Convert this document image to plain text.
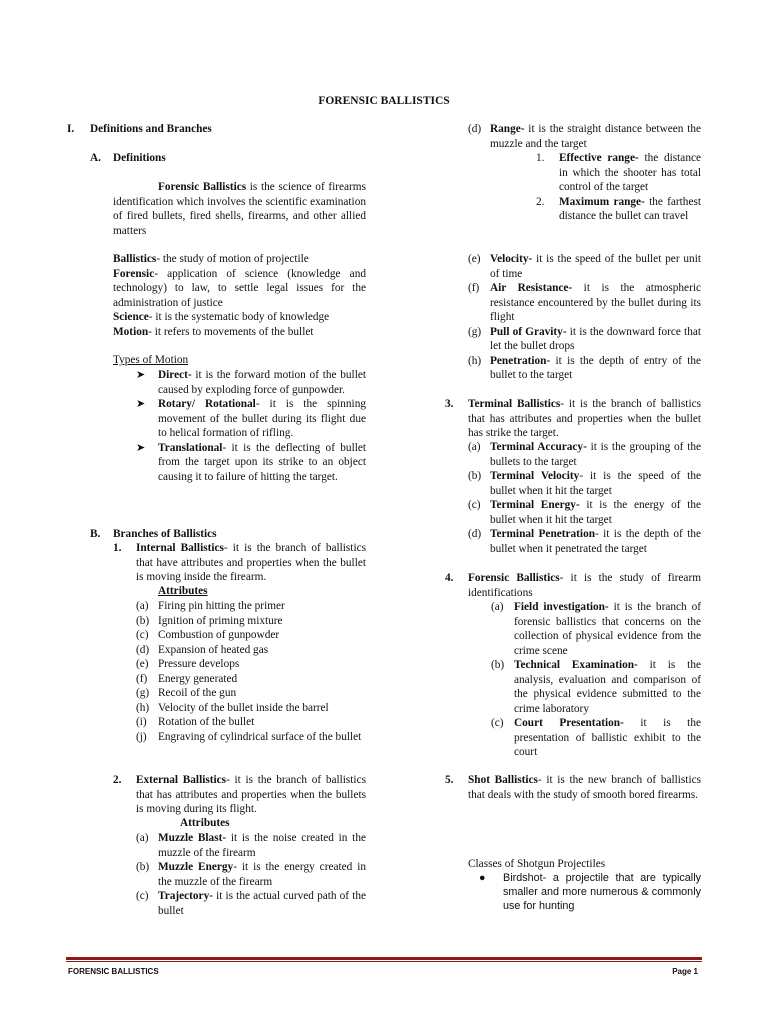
FORENSIC BALLISTICS
I. Definitions and Branches
A. Definitions
Forensic Ballistics is the science of firearms identification which involves the scientific examination of fired bullets, fired shells, firearms, and other allied matters
Ballistics- the study of motion of projectile
Forensic- application of science (knowledge and technology) to law, to settle legal issues for the administration of justice
Science- it is the systematic body of knowledge
Motion- it refers to movements of the bullet
Types of Motion
➤ Direct- it is the forward motion of the bullet caused by exploding force of gunpowder.
➤ Rotary/ Rotational- it is the spinning movement of the bullet during its flight due to helical formation of rifling.
➤ Translational- it is the deflecting of bullet from the target upon its strike to an object causing it to failure of hitting the target.
B. Branches of Ballistics
1. Internal Ballistics- it is the branch of ballistics that have attributes and properties when the bullet is moving inside the firearm.
Attributes
(a) Firing pin hitting the primer
(b) Ignition of priming mixture
(c) Combustion of gunpowder
(d) Expansion of heated gas
(e) Pressure develops
(f) Energy generated
(g) Recoil of the gun
(h) Velocity of the bullet inside the barrel
(i) Rotation of the bullet
(j) Engraving of cylindrical surface of the bullet
2. External Ballistics- it is the branch of ballistics that has attributes and properties when the bullets is moving during its flight.
Attributes
(a) Muzzle Blast- it is the noise created in the muzzle of the firearm
(b) Muzzle Energy- it is the energy created in the muzzle of the firearm
(c) Trajectory- it is the actual curved path of the bullet
(d) Range- it is the straight distance between the muzzle and the target
1. Effective range- the distance in which the shooter has total control of the target
2. Maximum range- the farthest distance the bullet can travel
(e) Velocity- it is the speed of the bullet per unit of time
(f) Air Resistance- it is the atmospheric resistance encountered by the bullet during its flight
(g) Pull of Gravity- it is the downward force that let the bullet drops
(h) Penetration- it is the depth of entry of the bullet to the target
3. Terminal Ballistics- it is the branch of ballistics that has attributes and properties when the bullet has strike the target.
(a) Terminal Accuracy- it is the grouping of the bullets to the target
(b) Terminal Velocity- it is the speed of the bullet when it hit the target
(c) Terminal Energy- it is the energy of the bullet when it hit the target
(d) Terminal Penetration- it is the depth of the bullet when it penetrated the target
4. Forensic Ballistics- it is the study of firearm identifications
(a) Field investigation- it is the branch of forensic ballistics that concerns on the collection of physical evidence from the crime scene
(b) Technical Examination- it is the analysis, evaluation and comparison of the physical evidence submitted to the crime laboratory
(c) Court Presentation- it is the presentation of ballistic exhibit to the court
5. Shot Ballistics- it is the new branch of ballistics that deals with the study of smooth bored firearms.
Classes of Shotgun Projectiles
● Birdshot- a projectile that are typically smaller and more numerous & commonly use for hunting
FORENSIC BALLISTICS	Page 1
